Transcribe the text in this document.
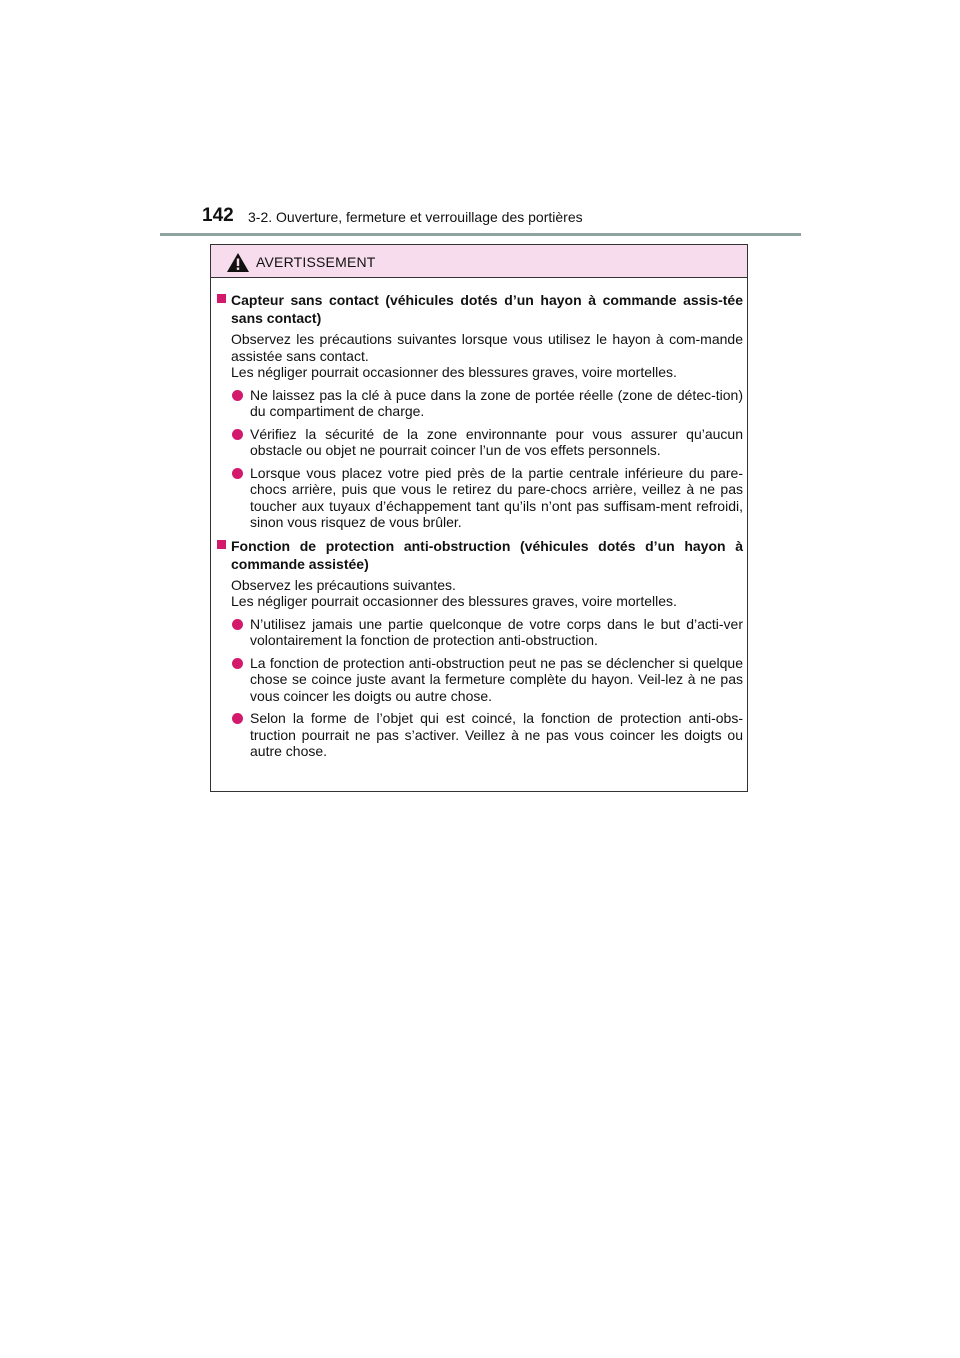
142 3-2. Ouverture, fermeture et verrouillage des portières
AVERTISSEMENT
Capteur sans contact (véhicules dotés d’un hayon à commande assis-tée sans contact)
Observez les précautions suivantes lorsque vous utilisez le hayon à com-mande assistée sans contact.
Les négliger pourrait occasionner des blessures graves, voire mortelles.
Ne laissez pas la clé à puce dans la zone de portée réelle (zone de détec-tion) du compartiment de charge.
Vérifiez la sécurité de la zone environnante pour vous assurer qu’aucun obstacle ou objet ne pourrait coincer l’un de vos effets personnels.
Lorsque vous placez votre pied près de la partie centrale inférieure du pare-chocs arrière, puis que vous le retirez du pare-chocs arrière, veillez à ne pas toucher aux tuyaux d’échappement tant qu’ils n’ont pas suffisam-ment refroidi, sinon vous risquez de vous brûler.
Fonction de protection anti-obstruction (véhicules dotés d’un hayon à commande assistée)
Observez les précautions suivantes.
Les négliger pourrait occasionner des blessures graves, voire mortelles.
N’utilisez jamais une partie quelconque de votre corps dans le but d’acti-ver volontairement la fonction de protection anti-obstruction.
La fonction de protection anti-obstruction peut ne pas se déclencher si quelque chose se coince juste avant la fermeture complète du hayon. Veil-lez à ne pas vous coincer les doigts ou autre chose.
Selon la forme de l’objet qui est coincé, la fonction de protection anti-obs-truction pourrait ne pas s’activer. Veillez à ne pas vous coincer les doigts ou autre chose.
